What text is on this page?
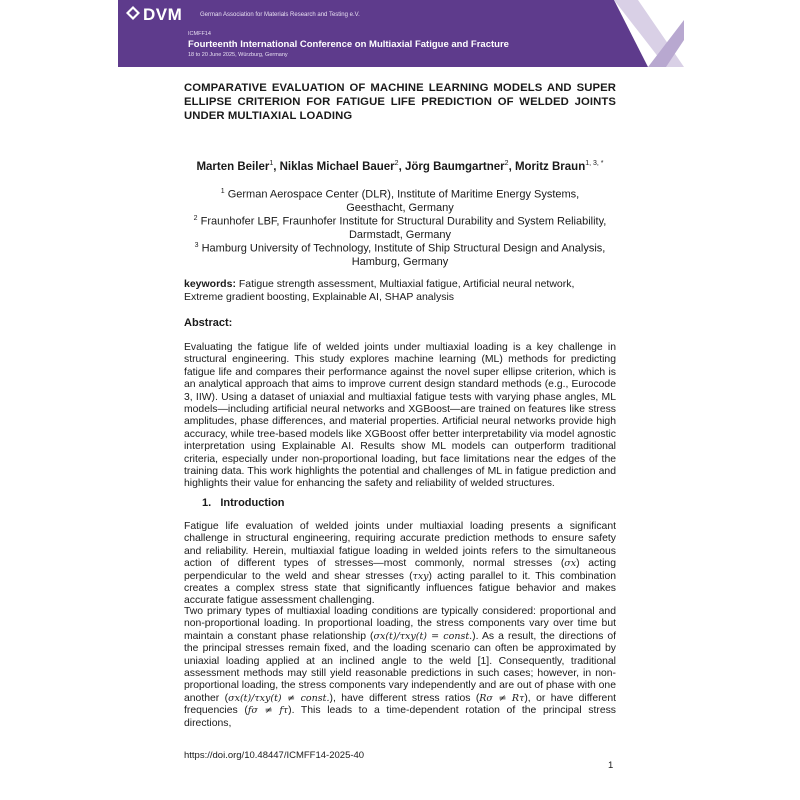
DVM	German Association for Materials Research and Testing e.V.
ICMFF14
Fourteenth International Conference on Multiaxial Fatigue and Fracture
18 to 20 June 2025, Würzburg, Germany
COMPARATIVE EVALUATION OF MACHINE LEARNING MODELS AND SUPER ELLIPSE CRITERION FOR FATIGUE LIFE PREDICTION OF WELDED JOINTS UNDER MULTIAXIAL LOADING
Marten Beiler$^1$, Niklas Michael Bauer$^2$, Jörg Baumgartner$^2$, Moritz Braun$^{1, 3, *}$
$^1$ German Aerospace Center (DLR), Institute of Maritime Energy Systems,
Geesthacht, Germany
$^2$ Fraunhofer LBF, Fraunhofer Institute for Structural Durability and System Reliability,
Darmstadt, Germany
$^3$ Hamburg University of Technology, Institute of Ship Structural Design and Analysis,
Hamburg, Germany
keywords: Fatigue strength assessment, Multiaxial fatigue, Artificial neural network, Extreme gradient boosting, Explainable AI, SHAP analysis
Abstract:

Evaluating the fatigue life of welded joints under multiaxial loading is a key challenge in structural engineering. This study explores machine learning (ML) methods for predicting fatigue life and compares their performance against the novel super ellipse criterion, which is an analytical approach that aims to improve current design standard methods (e.g., Eurocode 3, IIW). Using a dataset of uniaxial and multiaxial fatigue tests with varying phase angles, ML models—including artificial neural networks and XGBoost—are trained on features like stress amplitudes, phase differences, and material properties. Artificial neural networks provide high accuracy, while tree-based models like XGBoost offer better interpretability via model agnostic interpretation using Explainable AI. Results show ML models can outperform traditional criteria, especially under non-proportional loading, but face limitations near the edges of the training data. This work highlights the potential and challenges of ML in fatigue prediction and highlights their value for enhancing the safety and reliability of welded structures.

1. Introduction

Fatigue life evaluation of welded joints under multiaxial loading presents a significant challenge in structural engineering, requiring accurate prediction methods to ensure safety and reliability. Herein, multiaxial fatigue loading in welded joints refers to the simultaneous action of different types of stresses—most commonly, normal stresses (σx) acting perpendicular to the weld and shear stresses (τxy) acting parallel to it. This combination creates a complex stress state that significantly influences fatigue behavior and makes accurate fatigue assessment challenging.

Two primary types of multiaxial loading conditions are typically considered: proportional and non-proportional loading. In proportional loading, the stress components vary over time but maintain a constant phase relationship (σx(t)/τxy(t) = const.). As a result, the directions of the principal stresses remain fixed, and the loading scenario can often be approximated by uniaxial loading applied at an inclined angle to the weld [1]. Consequently, traditional assessment methods may still yield reasonable predictions in such cases; however, in non-proportional loading, the stress components vary independently and are out of phase with one another (σx(t)/τxy(t) ≠ const.), have different stress ratios (Rσ ≠ Rτ), or have different frequencies (fσ ≠ fτ). This leads to a time-dependent rotation of the principal stress directions,

https://doi.org/10.48447/ICMFF14-2025-40
1
